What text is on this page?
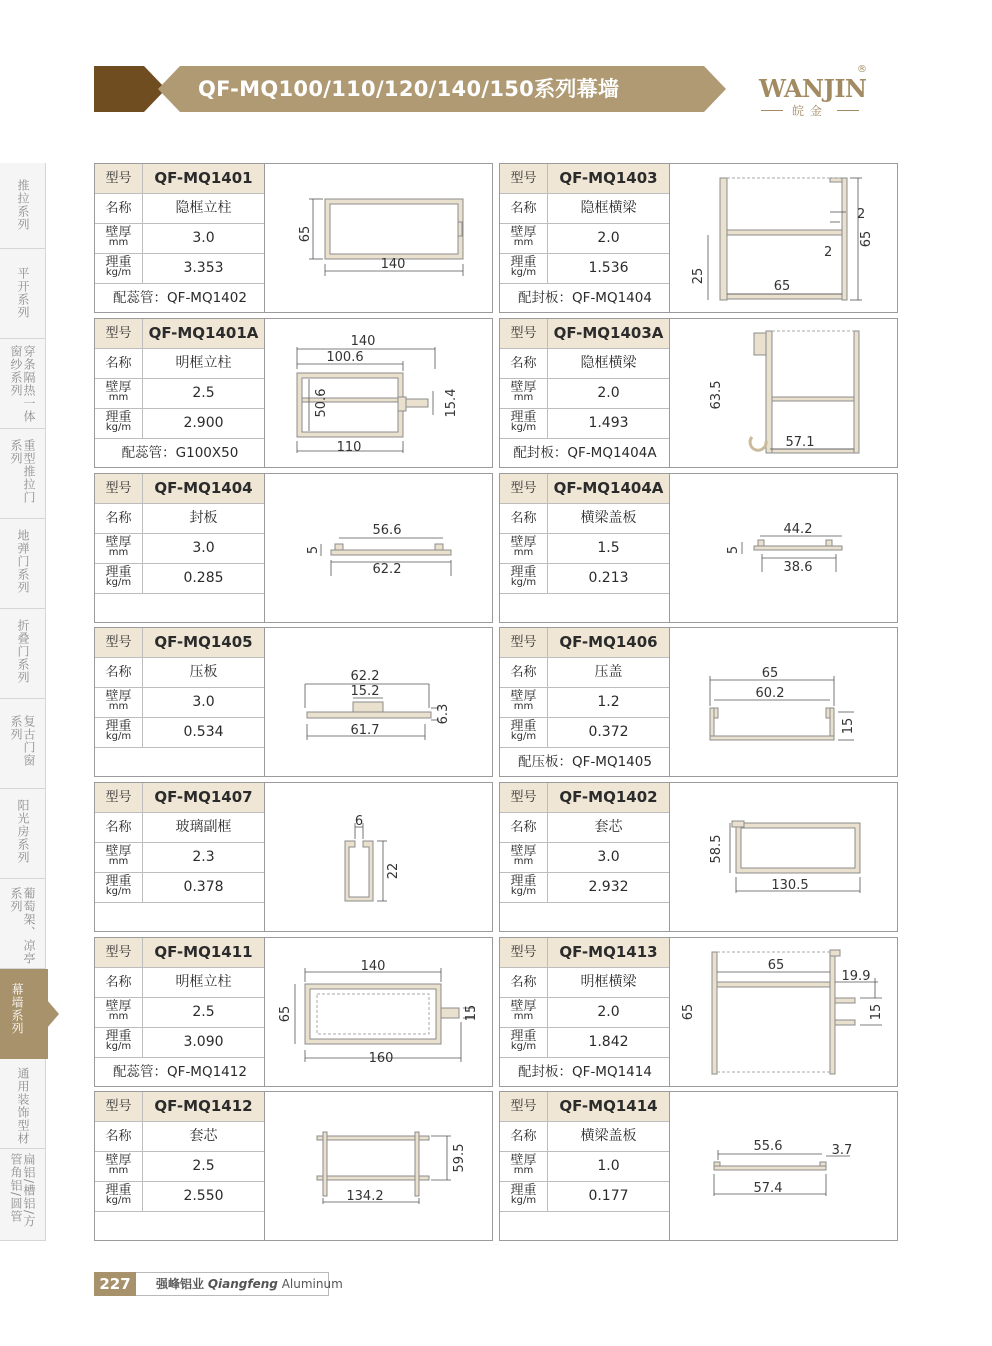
QF-MQ100/110/120/140/150系列幕墙	WANJIN
®
皖金
推拉系列
平开系列
穿条隔热一体窗纱系列
重型推拉门系列
地弹门系列
折叠门系列
复古门窗系列
阳光房系列
葡萄架、凉亭系列
幕墙系列
通用装饰型材
扁铝/槽铝/方管角铝/圆管
型号	QF-MQ1401
名称	隐框立柱
壁厚
mm	3.0
理重
kg/m	3.353
配蕊管：QF-MQ1402
65
140
型号	QF-MQ1403
名称	隐框横梁
壁厚
mm	2.0
理重
kg/m	1.536
配封板：QF-MQ1404
2
65
2
25
65
型号	QF-MQ1401A
名称	明框立柱
壁厚
mm	2.5
理重
kg/m	2.900
配蕊管：G100X50
140
100.6
50.6	15.4
110
型号	QF-MQ1403A
名称	隐框横梁
壁厚
mm	2.0
理重
kg/m	1.493
配封板：QF-MQ1404A
63.5
57.1
型号	QF-MQ1404
名称	封板
壁厚
mm	3.0
理重
kg/m	0.285
56.6
5
62.2
型号	QF-MQ1404A
名称	横梁盖板
壁厚
mm	1.5
理重
kg/m	0.213
44.2
5
38.6
型号	QF-MQ1405
名称	压板
壁厚
mm	3.0
理重
kg/m	0.534
62.2
15.2
6.3
61.7
型号	QF-MQ1406
名称	压盖
壁厚
mm	1.2
理重
kg/m	0.372
配压板：QF-MQ1405
65
60.2
15
型号	QF-MQ1407
名称	玻璃副框
壁厚
mm	2.3
理重
kg/m	0.378
6
22
型号	QF-MQ1402
名称	套芯
壁厚
mm	3.0
理重
kg/m	2.932
58.5
130.5
型号	QF-MQ1411
名称	明框立柱
壁厚
mm	2.5
理重
kg/m	3.090
配蕊管：QF-MQ1412
140
65	15
160
型号	QF-MQ1413
名称	明框横梁
壁厚
mm	2.0
理重
kg/m	1.842
配封板：QF-MQ1414
65
19.9
65	15
型号	QF-MQ1412
名称	套芯
壁厚
mm	2.5
理重
kg/m	2.550
59.5
134.2
型号	QF-MQ1414
名称	横梁盖板
壁厚
mm	1.0
理重
kg/m	0.177
55.6	3.7
57.4
227	强峰铝业 Qiangfeng Aluminum
